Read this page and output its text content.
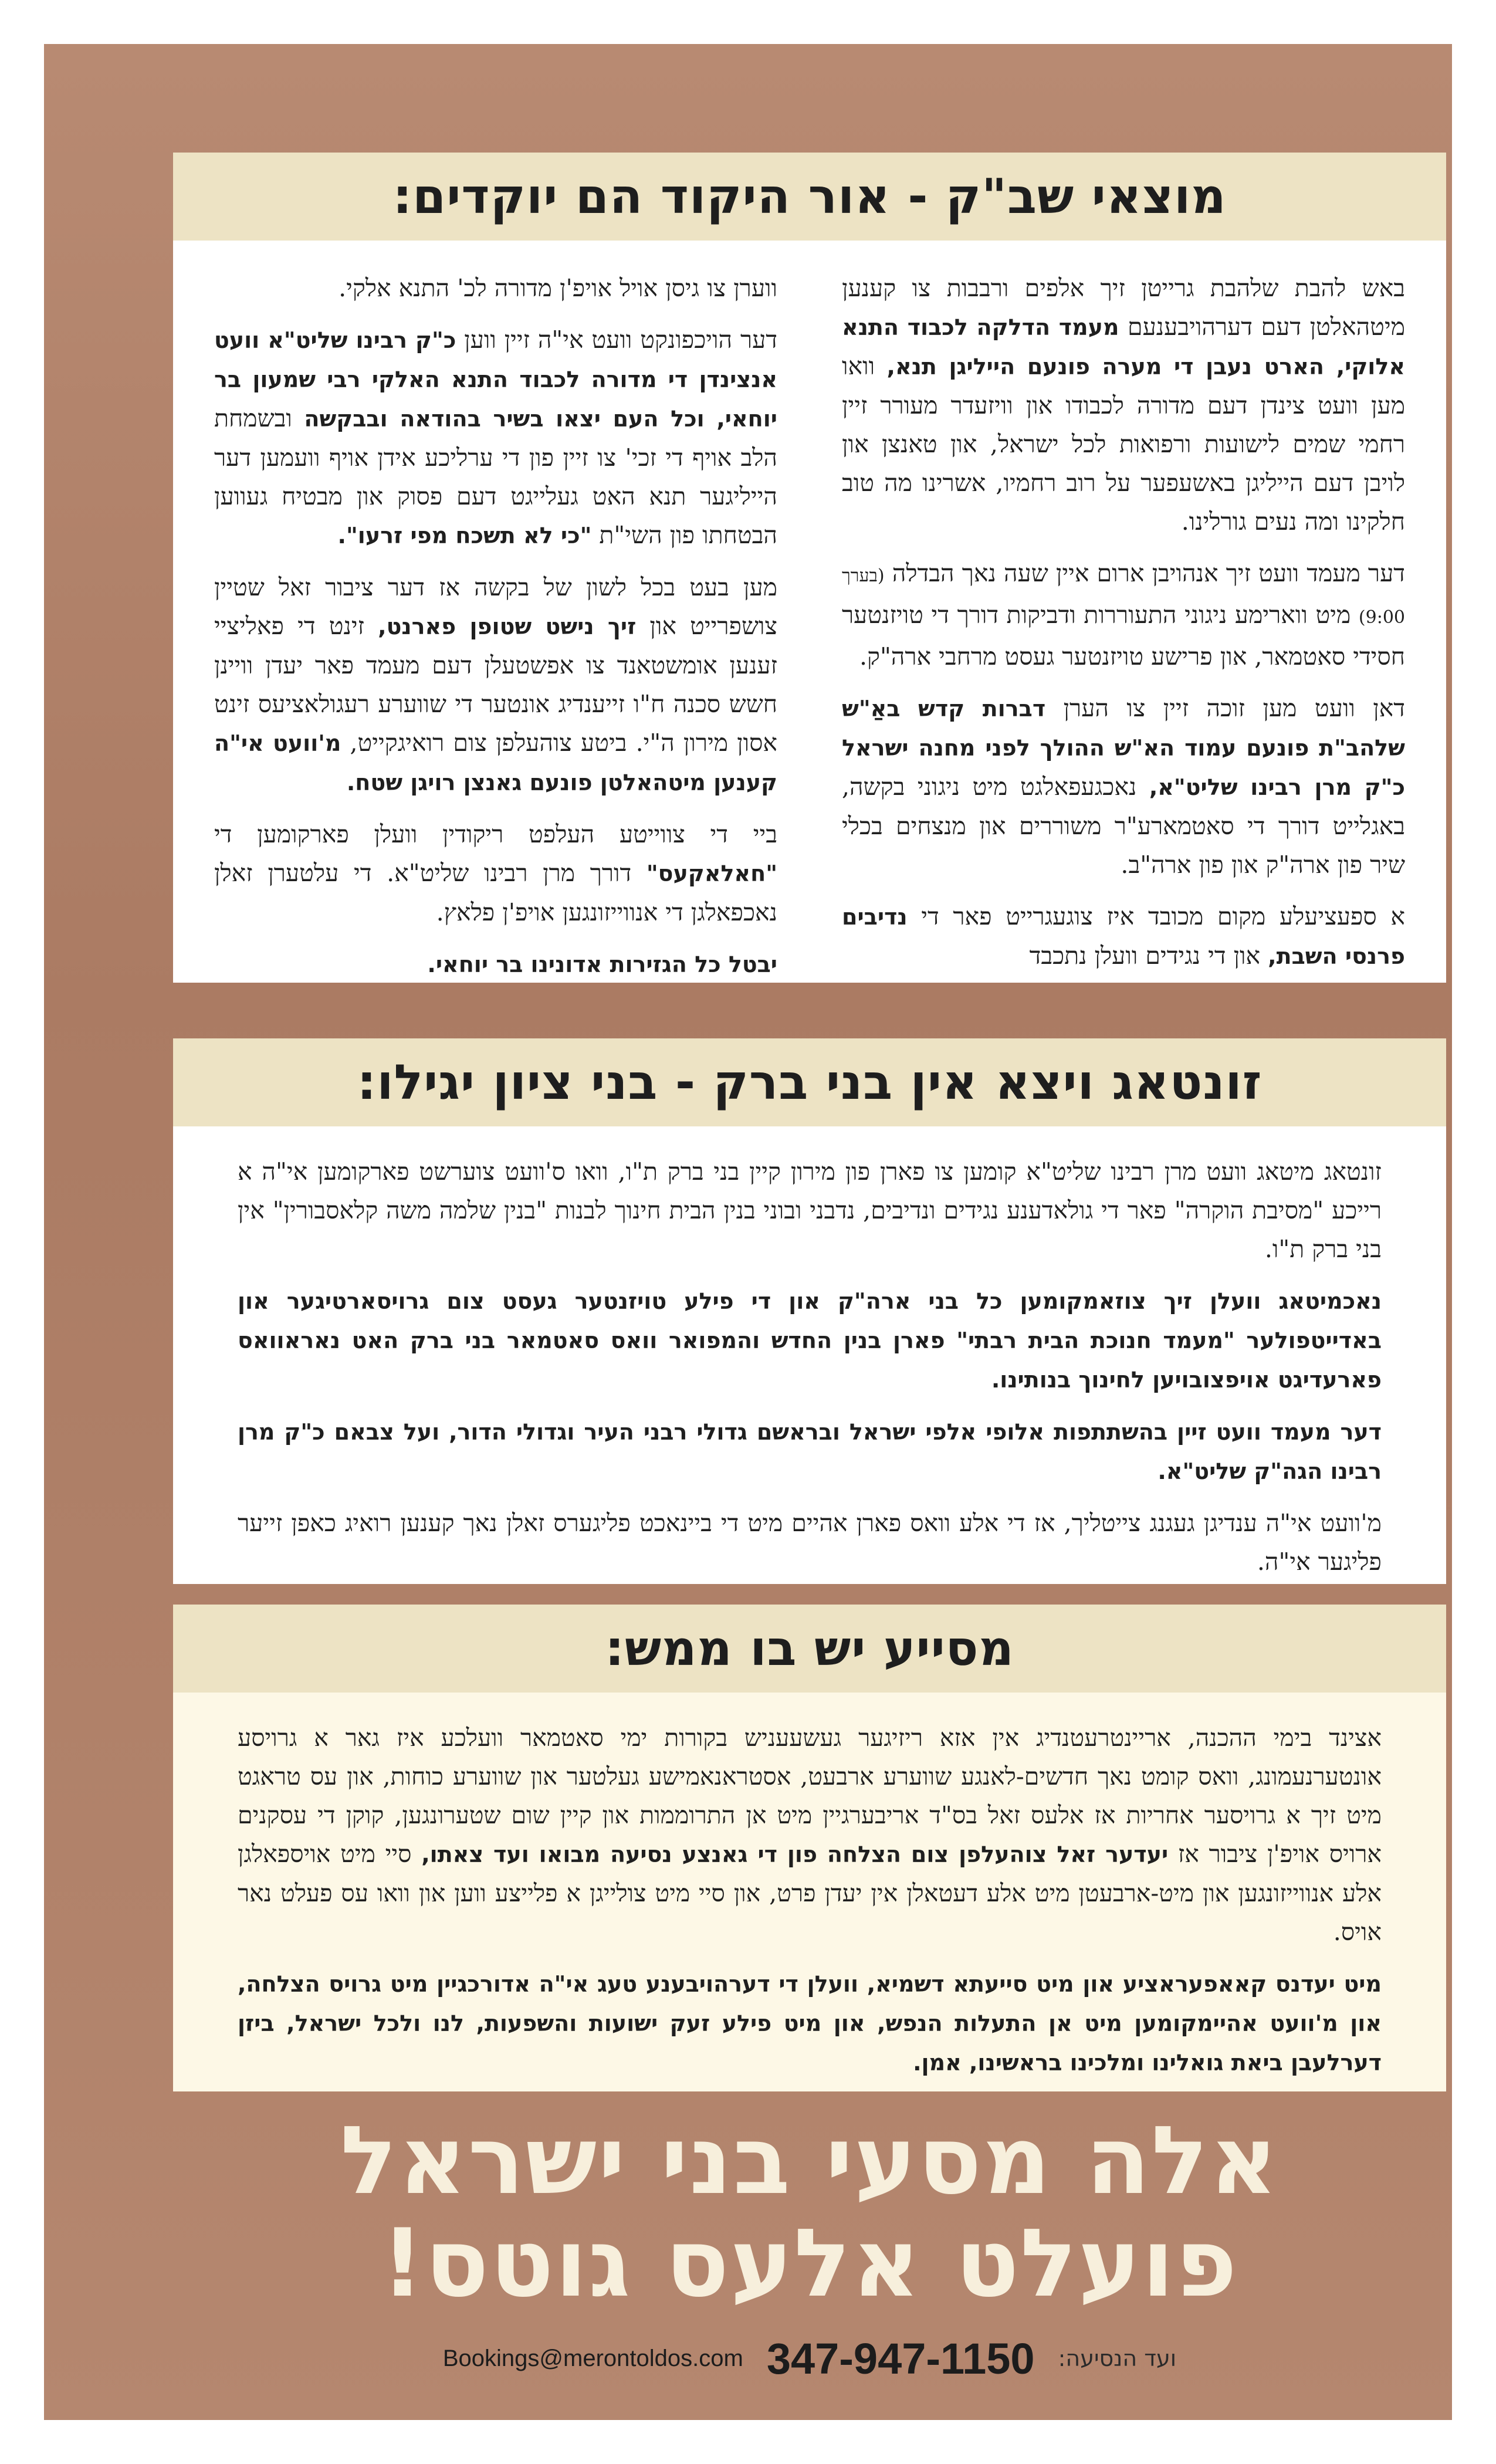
מוצאי שב"ק - אור היקוד הם יוקדים:

באש להבת שלהבת גרייטן זיך אלפים ורבבות צו קענען מיטהאלטן דעם דערהויבענעם מעמד הדלקה לכבוד התנא אלוקי, הארט נעבן די מערה פונעם הייליגן תנא, וואו מען וועט צינדן דעם מדורה לכבודו און וויזעדר מעורר זיין רחמי שמים לישועות ורפואות לכל ישראל, און טאנצן און לויבן דעם הייליגן באשעפער על רוב רחמיו, אשרינו מה טוב חלקינו ומה נעים גורלינו.

דער מעמד וועט זיך אנהויבן ארום איין שעה נאך הבדלה (בערך 9:00) מיט ווארימע ניגוני התעוררות ודביקות דורך די טויזנטער חסידי סאטמאר, און פרישע טויזנטער געסט מרחבי ארה"ק.

דאן וועט מען זוכה זיין צו הערן דברות קדש באַ"ש שלהב"ת פונעם עמוד הא"ש ההולך לפני מחנה ישראל כ"ק מרן רבינו שליט"א, נאכגעפאלגט מיט ניגוני בקשה, באגלייט דורך די סאטמארע"ר משוררים און מנצחים בכלי שיר פון ארה"ק און פון ארה"ב.

א ספעציעלע מקום מכובד איז צוגעגרייט פאר די נדיבים פרנסי השבת, און די נגידים וועלן נתכבד

ווערן צו גיסן אויל אויפ'ן מדורה לכ' התנא אלקי.

דער הויכפונקט וועט אי"ה זיין ווען כ"ק רבינו שליט"א וועט אנצינדן די מדורה לכבוד התנא האלקי רבי שמעון בר יוחאי, וכל העם יצאו בשיר בהודאה ובבקשה ובשמחת הלב אויף די זכי' צו זיין פון די ערליכע אידן אויף וועמען דער הייליגער תנא האט געלייגט דעם פסוק און מבטיח געווען הבטחתו פון השי"ת "כי לא תשכח מפי זרעו".

מען בעט בכל לשון של בקשה אז דער ציבור זאל שטיין צושפרייט און זיך נישט שטופן פארנט, זינט די פאליציי זענען אומשטאנד צו אפשטעלן דעם מעמד פאר יעדן וויינן חשש סכנה ח"ו זייענדיג אונטער די שווערע רעגולאציעס זינט אסון מירון ה"י. ביטע צוהעלפן צום רואיגקייט, מ'וועט אי"ה קענען מיטהאלטן פונעם גאנצן רויגן שטח.

ביי די צווייטע העלפט ריקודין וועלן פארקומען די "חאלאקעס" דורך מרן רבינו שליט"א. די עלטערן זאלן נאכפאלגן די אנווייזונגען אויפ'ן פלאץ.

יבטל כל הגזירות אדונינו בר יוחאי.

זונטאג ויצא אין בני ברק - בני ציון יגילו:

זונטאג מיטאג וועט מרן רבינו שליט"א קומען צו פארן פון מירון קיין בני ברק ת"ו, וואו ס'וועט צוערשט פארקומען אי"ה א רייכע "מסיבת הוקרה" פאר די גולאדענע נגידים ונדיבים, נדבני ובוני בנין הבית חינוך לבנות "בנין שלמה משה קלאסבורין" אין בני ברק ת"ו.

נאכמיטאג וועלן זיך צוזאמקומען כל בני ארה"ק און די פילע טויזנטער געסט צום גרויסארטיגער און באדייטפולער "מעמד חנוכת הבית רבתי" פארן בנין החדש והמפואר וואס סאטמאר בני ברק האט נאראוואס פארעדיגט אויפצובויען לחינוך בנותינו.

דער מעמד וועט זיין בהשתתפות אלופי אלפי ישראל ובראשם גדולי רבני העיר וגדולי הדור, ועל צבאם כ"ק מרן רבינו הגה"ק שליט"א.

מ'וועט אי"ה ענדיגן געגנג צייטליך, אז די אלע וואס פארן אהיים מיט די ביינאכט פליגערס זאלן נאך קענען רואיג כאפן זייער פליגער אי"ה.

מסייע יש בו ממש:

אצינד בימי ההכנה, אריינטרעטנדיג אין אזא ריזיגער געשעעניש בקורות ימי סאטמאר וועלכע איז גאר א גרויסע אונטערנעמונג, וואס קומט נאך חדשים-לאנגע שווערע ארבעט, אסטראנאמישע געלטער און שווערע כוחות, און עס טראגט מיט זיך א גרויסער אחריות אז אלעס זאל בס"ד אריבערגיין מיט אן התרוממות און קיין שום שטערונגען, קוקן די עסקנים ארויס אויפ'ן ציבור אז יעדער זאל צוהעלפן צום הצלחה פון די גאנצע נסיעה מבואו ועד צאתו, סיי מיט אויספאלגן אלע אנווייזונגען און מיט-ארבעטן מיט אלע דעטאלן אין יעדן פרט, און סיי מיט צולייגן א פלייצע ווען און וואו עס פעלט נאר אויס.

מיט יעדנס קאאפעראציע און מיט סייעתא דשמיא, וועלן די דערהויבענע טעג אי"ה אדורכגיין מיט גרויס הצלחה, און מ'וועט אהיימקומען מיט אן התעלות הנפש, און מיט פילע זעק ישועות והשפעות, לנו ולכל ישראל, ביזן דערלעבן ביאת גואלינו ומלכינו בראשינו, אמן.

אלה מסעי בני ישראל
פועלט אלעס גוטס!
ועד הנסיעה:
347-947-1150
Bookings@merontoldos.com
